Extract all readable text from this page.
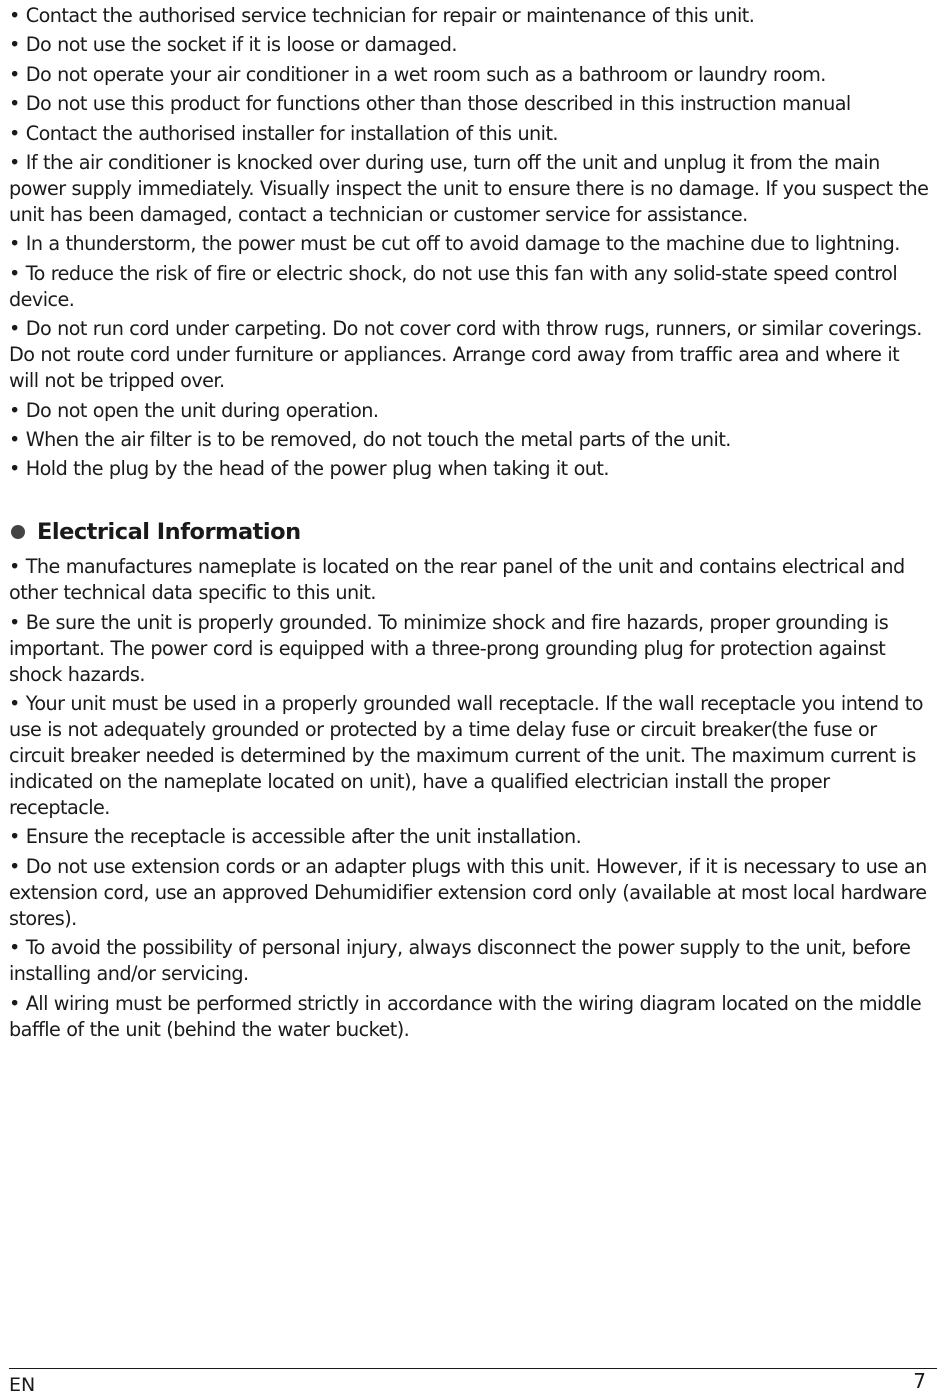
• Contact the authorised service technician for repair or maintenance of this unit.

• Do not use the socket if it is loose or damaged.

• Do not operate your air conditioner in a wet room such as a bathroom or laundry room.

• Do not use this product for functions other than those described in this instruction manual

• Contact the authorised installer for installation of this unit.

• If the air conditioner is knocked over during use, turn off the unit and unplug it from the main power supply immediately. Visually inspect the unit to ensure there is no damage. If you suspect the unit has been damaged, contact a technician or customer service for assistance.

• In a thunderstorm, the power must be cut off to avoid damage to the machine due to lightning.

• To reduce the risk of fire or electric shock, do not use this fan with any solid-state speed control device.

• Do not run cord under carpeting. Do not cover cord with throw rugs, runners, or similar coverings. Do not route cord under furniture or appliances. Arrange cord away from traffic area and where it will not be tripped over.

• Do not open the unit during operation.

• When the air filter is to be removed, do not touch the metal parts of the unit.

• Hold the plug by the head of the power plug when taking it out.

Electrical Information

• The manufactures nameplate is located on the rear panel of the unit and contains electrical and other technical data specific to this unit.

• Be sure the unit is properly grounded. To minimize shock and fire hazards, proper grounding is important. The power cord is equipped with a three-prong grounding plug for protection against shock hazards.

• Your unit must be used in a properly grounded wall receptacle. If the wall receptacle you intend to use is not adequately grounded or protected by a time delay fuse or circuit breaker(the fuse or circuit breaker needed is determined by the maximum current of the unit. The maximum current is indicated on the nameplate located on unit), have a qualified electrician install the proper receptacle.

• Ensure the receptacle is accessible after the unit installation.

• Do not use extension cords or an adapter plugs with this unit. However, if it is necessary to use an extension cord, use an approved Dehumidifier extension cord only (available at most local hardware stores).

• To avoid the possibility of personal injury, always disconnect the power supply to the unit, before installing and/or servicing.

• All wiring must be performed strictly in accordance with the wiring diagram located on the middle baffle of the unit (behind the water bucket).

EN	7
